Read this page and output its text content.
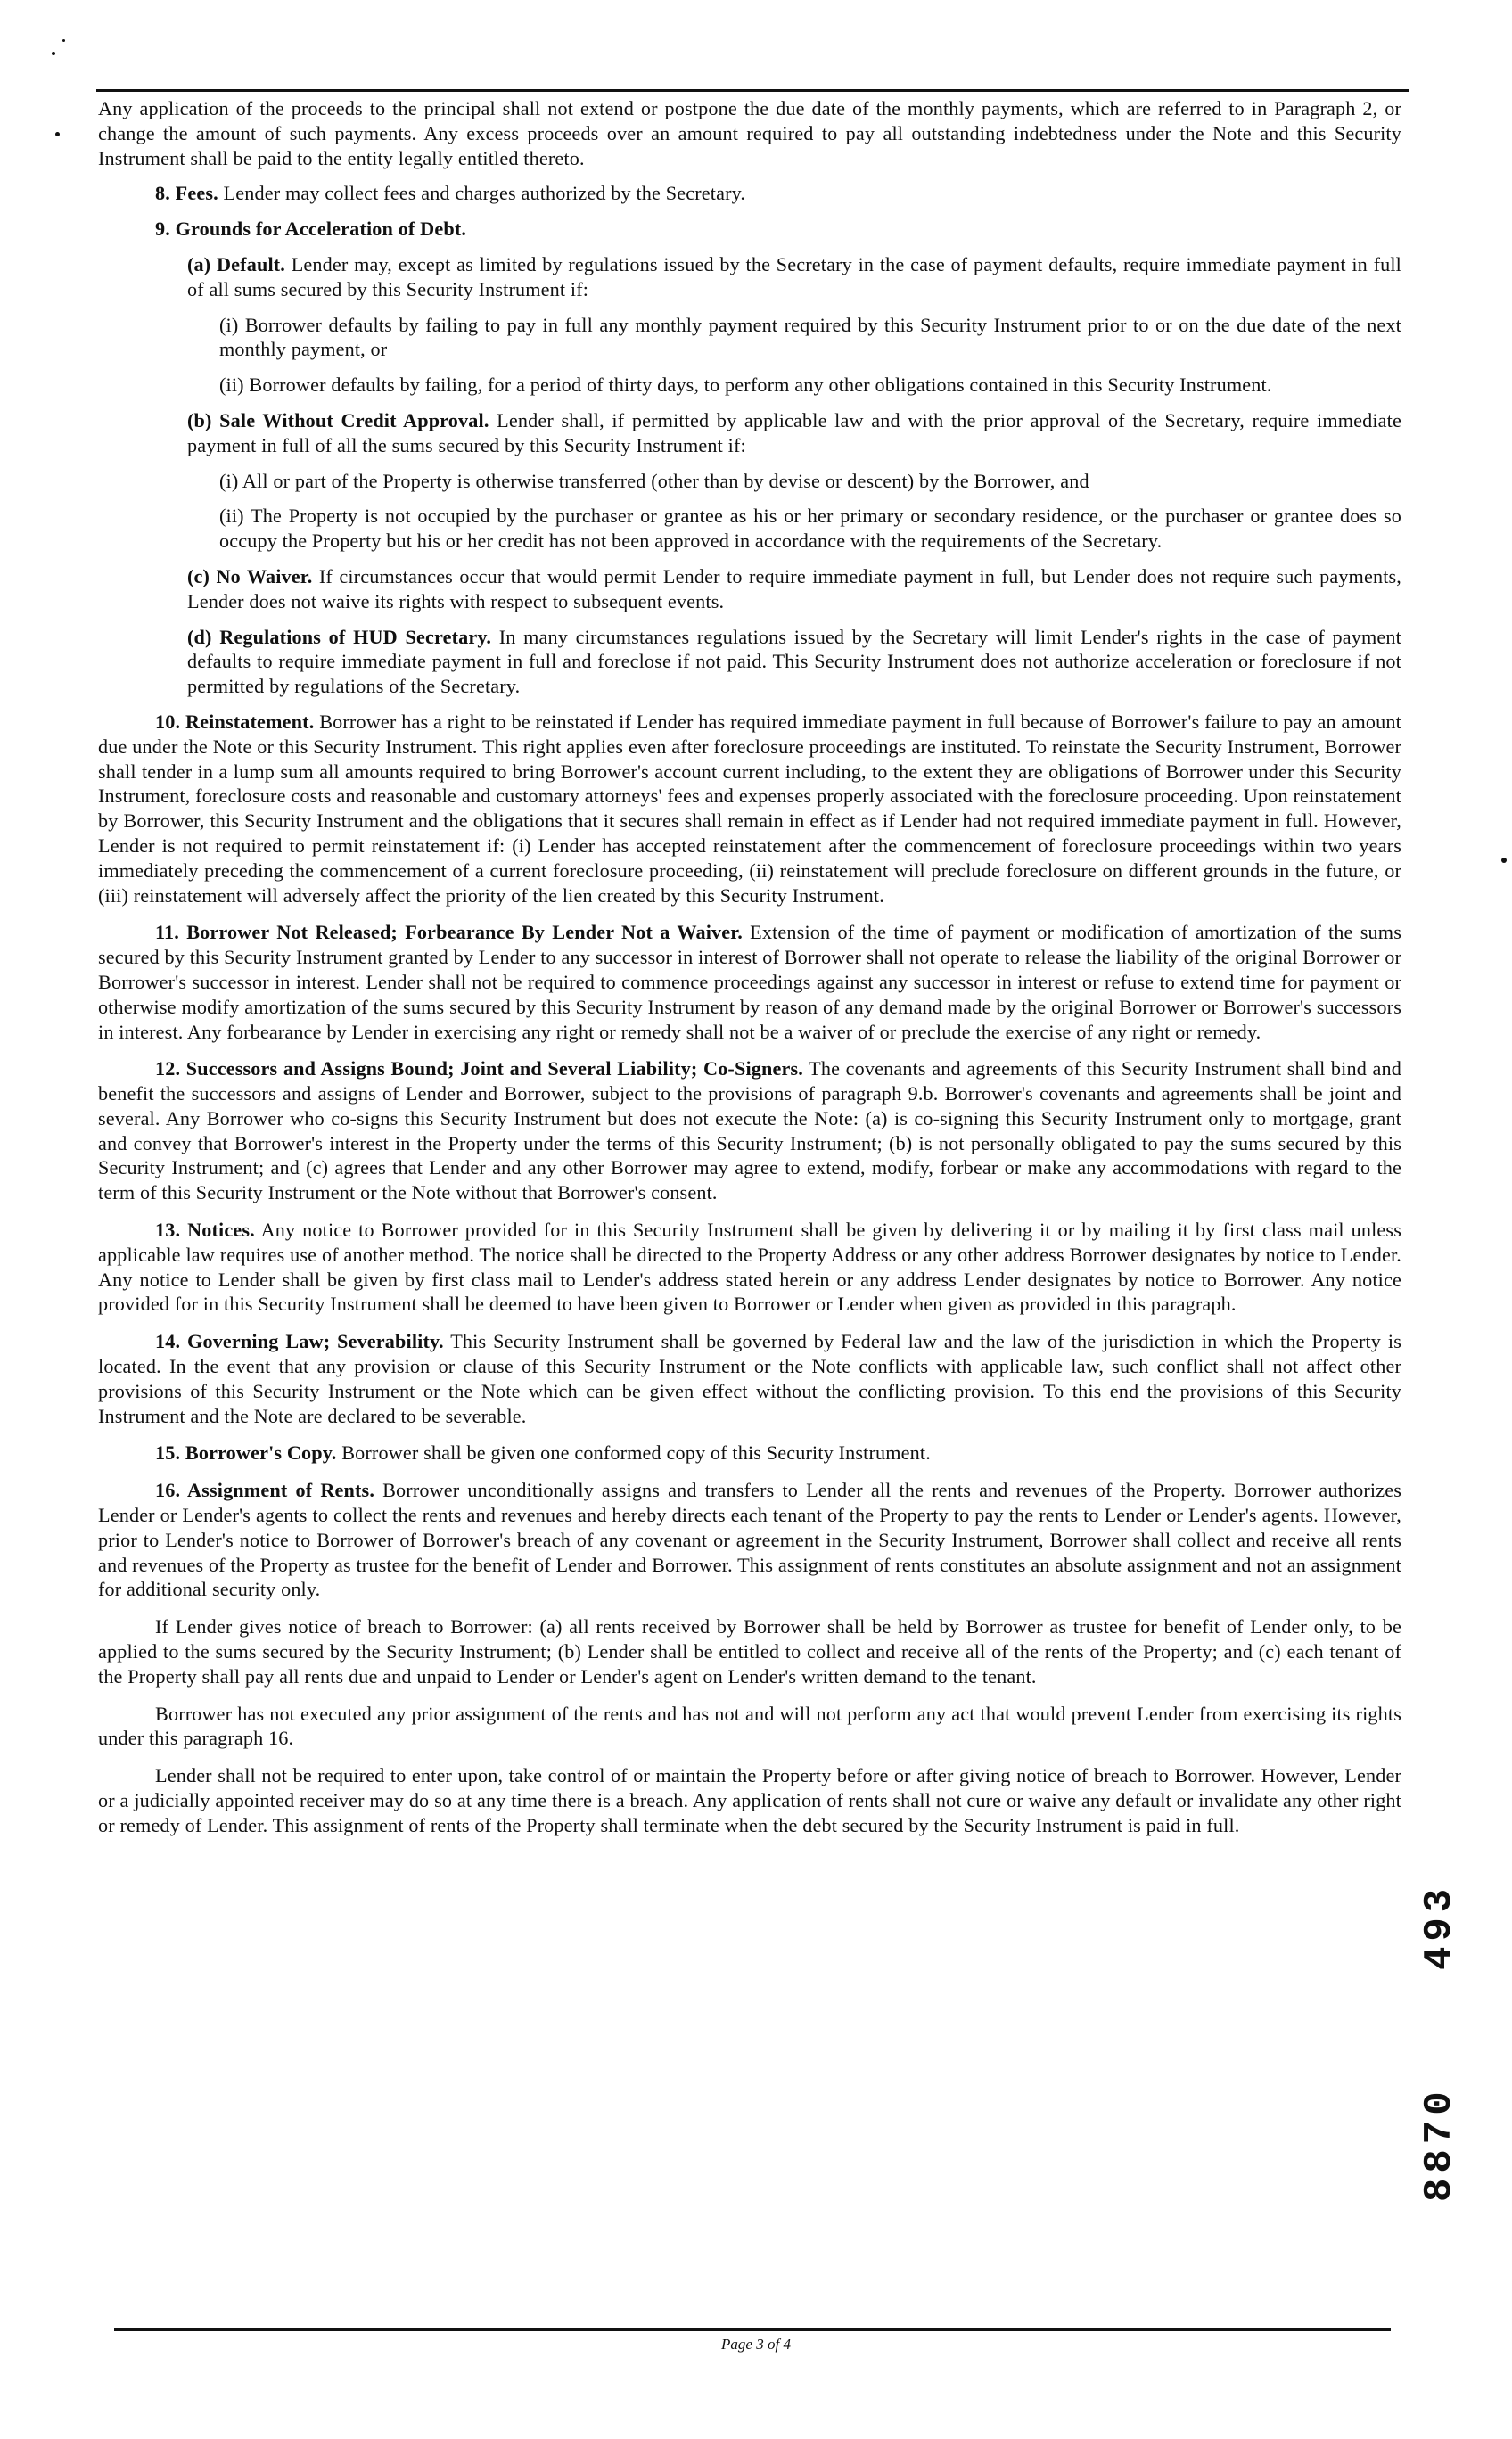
Any application of the proceeds to the principal shall not extend or postpone the due date of the monthly payments, which are referred to in Paragraph 2, or change the amount of such payments. Any excess proceeds over an amount required to pay all outstanding indebtedness under the Note and this Security Instrument shall be paid to the entity legally entitled thereto.

8. Fees. Lender may collect fees and charges authorized by the Secretary.

9. Grounds for Acceleration of Debt.

(a) Default. Lender may, except as limited by regulations issued by the Secretary in the case of payment defaults, require immediate payment in full of all sums secured by this Security Instrument if:

(i) Borrower defaults by failing to pay in full any monthly payment required by this Security Instrument prior to or on the due date of the next monthly payment, or

(ii) Borrower defaults by failing, for a period of thirty days, to perform any other obligations contained in this Security Instrument.

(b) Sale Without Credit Approval. Lender shall, if permitted by applicable law and with the prior approval of the Secretary, require immediate payment in full of all the sums secured by this Security Instrument if:

(i) All or part of the Property is otherwise transferred (other than by devise or descent) by the Borrower, and

(ii) The Property is not occupied by the purchaser or grantee as his or her primary or secondary residence, or the purchaser or grantee does so occupy the Property but his or her credit has not been approved in accordance with the requirements of the Secretary.

(c) No Waiver. If circumstances occur that would permit Lender to require immediate payment in full, but Lender does not require such payments, Lender does not waive its rights with respect to subsequent events.

(d) Regulations of HUD Secretary. In many circumstances regulations issued by the Secretary will limit Lender's rights in the case of payment defaults to require immediate payment in full and foreclose if not paid. This Security Instrument does not authorize acceleration or foreclosure if not permitted by regulations of the Secretary.

10. Reinstatement. Borrower has a right to be reinstated if Lender has required immediate payment in full because of Borrower's failure to pay an amount due under the Note or this Security Instrument. This right applies even after foreclosure proceedings are instituted. To reinstate the Security Instrument, Borrower shall tender in a lump sum all amounts required to bring Borrower's account current including, to the extent they are obligations of Borrower under this Security Instrument, foreclosure costs and reasonable and customary attorneys' fees and expenses properly associated with the foreclosure proceeding. Upon reinstatement by Borrower, this Security Instrument and the obligations that it secures shall remain in effect as if Lender had not required immediate payment in full. However, Lender is not required to permit reinstatement if: (i) Lender has accepted reinstatement after the commencement of foreclosure proceedings within two years immediately preceding the commencement of a current foreclosure proceeding, (ii) reinstatement will preclude foreclosure on different grounds in the future, or (iii) reinstatement will adversely affect the priority of the lien created by this Security Instrument.

11. Borrower Not Released; Forbearance By Lender Not a Waiver. Extension of the time of payment or modification of amortization of the sums secured by this Security Instrument granted by Lender to any successor in interest of Borrower shall not operate to release the liability of the original Borrower or Borrower's successor in interest. Lender shall not be required to commence proceedings against any successor in interest or refuse to extend time for payment or otherwise modify amortization of the sums secured by this Security Instrument by reason of any demand made by the original Borrower or Borrower's successors in interest. Any forbearance by Lender in exercising any right or remedy shall not be a waiver of or preclude the exercise of any right or remedy.

12. Successors and Assigns Bound; Joint and Several Liability; Co-Signers. The covenants and agreements of this Security Instrument shall bind and benefit the successors and assigns of Lender and Borrower, subject to the provisions of paragraph 9.b. Borrower's covenants and agreements shall be joint and several. Any Borrower who co-signs this Security Instrument but does not execute the Note: (a) is co-signing this Security Instrument only to mortgage, grant and convey that Borrower's interest in the Property under the terms of this Security Instrument; (b) is not personally obligated to pay the sums secured by this Security Instrument; and (c) agrees that Lender and any other Borrower may agree to extend, modify, forbear or make any accommodations with regard to the term of this Security Instrument or the Note without that Borrower's consent.

13. Notices. Any notice to Borrower provided for in this Security Instrument shall be given by delivering it or by mailing it by first class mail unless applicable law requires use of another method. The notice shall be directed to the Property Address or any other address Borrower designates by notice to Lender. Any notice to Lender shall be given by first class mail to Lender's address stated herein or any address Lender designates by notice to Borrower. Any notice provided for in this Security Instrument shall be deemed to have been given to Borrower or Lender when given as provided in this paragraph.

14. Governing Law; Severability. This Security Instrument shall be governed by Federal law and the law of the jurisdiction in which the Property is located. In the event that any provision or clause of this Security Instrument or the Note conflicts with applicable law, such conflict shall not affect other provisions of this Security Instrument or the Note which can be given effect without the conflicting provision. To this end the provisions of this Security Instrument and the Note are declared to be severable.

15. Borrower's Copy. Borrower shall be given one conformed copy of this Security Instrument.

16. Assignment of Rents. Borrower unconditionally assigns and transfers to Lender all the rents and revenues of the Property. Borrower authorizes Lender or Lender's agents to collect the rents and revenues and hereby directs each tenant of the Property to pay the rents to Lender or Lender's agents. However, prior to Lender's notice to Borrower of Borrower's breach of any covenant or agreement in the Security Instrument, Borrower shall collect and receive all rents and revenues of the Property as trustee for the benefit of Lender and Borrower. This assignment of rents constitutes an absolute assignment and not an assignment for additional security only.

If Lender gives notice of breach to Borrower: (a) all rents received by Borrower shall be held by Borrower as trustee for benefit of Lender only, to be applied to the sums secured by the Security Instrument; (b) Lender shall be entitled to collect and receive all of the rents of the Property; and (c) each tenant of the Property shall pay all rents due and unpaid to Lender or Lender's agent on Lender's written demand to the tenant.

Borrower has not executed any prior assignment of the rents and has not and will not perform any act that would prevent Lender from exercising its rights under this paragraph 16.

Lender shall not be required to enter upon, take control of or maintain the Property before or after giving notice of breach to Borrower. However, Lender or a judicially appointed receiver may do so at any time there is a breach. Any application of rents shall not cure or waive any default or invalidate any other right or remedy of Lender. This assignment of rents of the Property shall terminate when the debt secured by the Security Instrument is paid in full.

Page 3 of 4
8870
493
